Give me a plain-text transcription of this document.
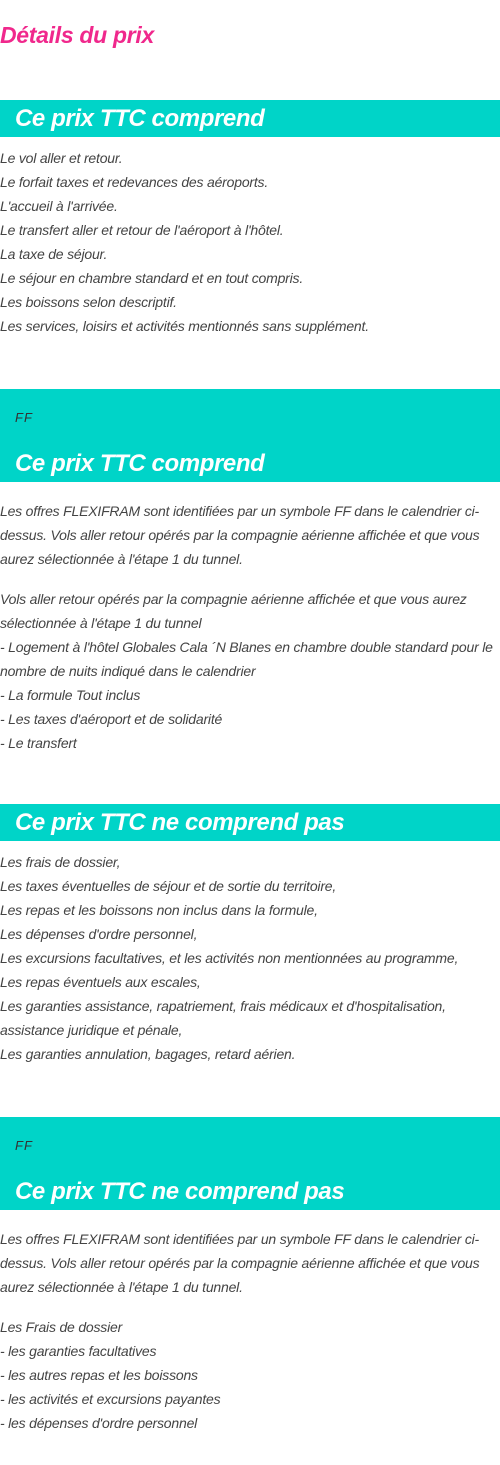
Détails du prix
Ce prix TTC comprend
Le vol aller et retour.
Le forfait taxes et redevances des aéroports.
L'accueil à l'arrivée.
Le transfert aller et retour de l'aéroport à l'hôtel.
La taxe de séjour.
Le séjour en chambre standard et en tout compris.
Les boissons selon descriptif.
Les services, loisirs et activités mentionnés sans supplément.
FF
Ce prix TTC comprend

Les offres FLEXIFRAM sont identifiées par un symbole FF dans le calendrier ci-dessus. Vols aller retour opérés par la compagnie aérienne affichée et que vous aurez sélectionnée à l'étape 1 du tunnel.

Vols aller retour opérés par la compagnie aérienne affichée et que vous aurez sélectionnée à l'étape 1 du tunnel

- Logement à l'hôtel Globales Cala ´N Blanes en chambre double standard pour le nombre de nuits indiqué dans le calendrier
- La formule Tout inclus
- Les taxes d'aéroport et de solidarité
- Le transfert
Ce prix TTC ne comprend pas
Les frais de dossier,
Les taxes éventuelles de séjour et de sortie du territoire,
Les repas et les boissons non inclus dans la formule,
Les dépenses d'ordre personnel,
Les excursions facultatives, et les activités non mentionnées au programme,
Les repas éventuels aux escales,
Les garanties assistance, rapatriement, frais médicaux et d'hospitalisation, assistance juridique et pénale,
Les garanties annulation, bagages, retard aérien.
FF
Ce prix TTC ne comprend pas

Les offres FLEXIFRAM sont identifiées par un symbole FF dans le calendrier ci-dessus. Vols aller retour opérés par la compagnie aérienne affichée et que vous aurez sélectionnée à l'étape 1 du tunnel.

Les Frais de dossier

- les garanties facultatives
- les autres repas et les boissons
- les activités et excursions payantes
- les dépenses d'ordre personnel
